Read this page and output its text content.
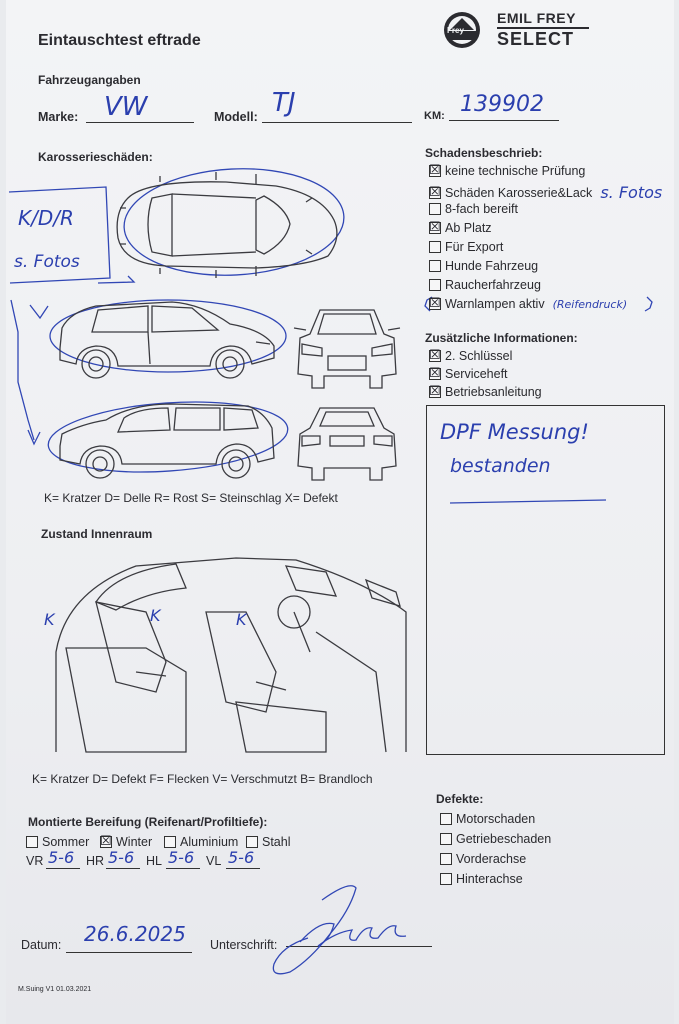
Eintauschtest eftrade
Frey
EMIL FREY
SELECT
Fahrzeugangaben
Marke: VW	Modell: TJ	KM: 139902
Karosserieschäden:
K/D/R
s. Fotos
K= Kratzer D= Delle R= Rost S= Steinschlag X= Defekt
Zustand Innenraum
K	K	K
K= Kratzer D= Defekt F= Flecken V= Verschmutzt B= Brandloch
Schadensbeschrieb:
Zusätzliche Informationen:
DPF Messung!
bestanden
Montierte Bereifung (Reifenart/Profiltiefe):
Defekte:
Datum: 26.6.2025 Unterschrift:
M.Suing V1 01.03.2021
☒ keine technische Prüfung
☒ Schäden Karosserie&Lack s. Fotos
8-fach bereift
☒ Ab Platz
Für Export
Hunde Fahrzeug
Raucherfahrzeug
☒ Warnlampen aktiv (Reifendruck)
☒ 2. Schlüssel
☒ Serviceheft
☒ Betriebsanleitung
Motorschaden
Getriebeschaden
Vorderachse
Hinterachse
Sommer ☒ Winter Aluminium Stahl
VR 5-6 HR 5-6 HL 5-6 VL 5-6
